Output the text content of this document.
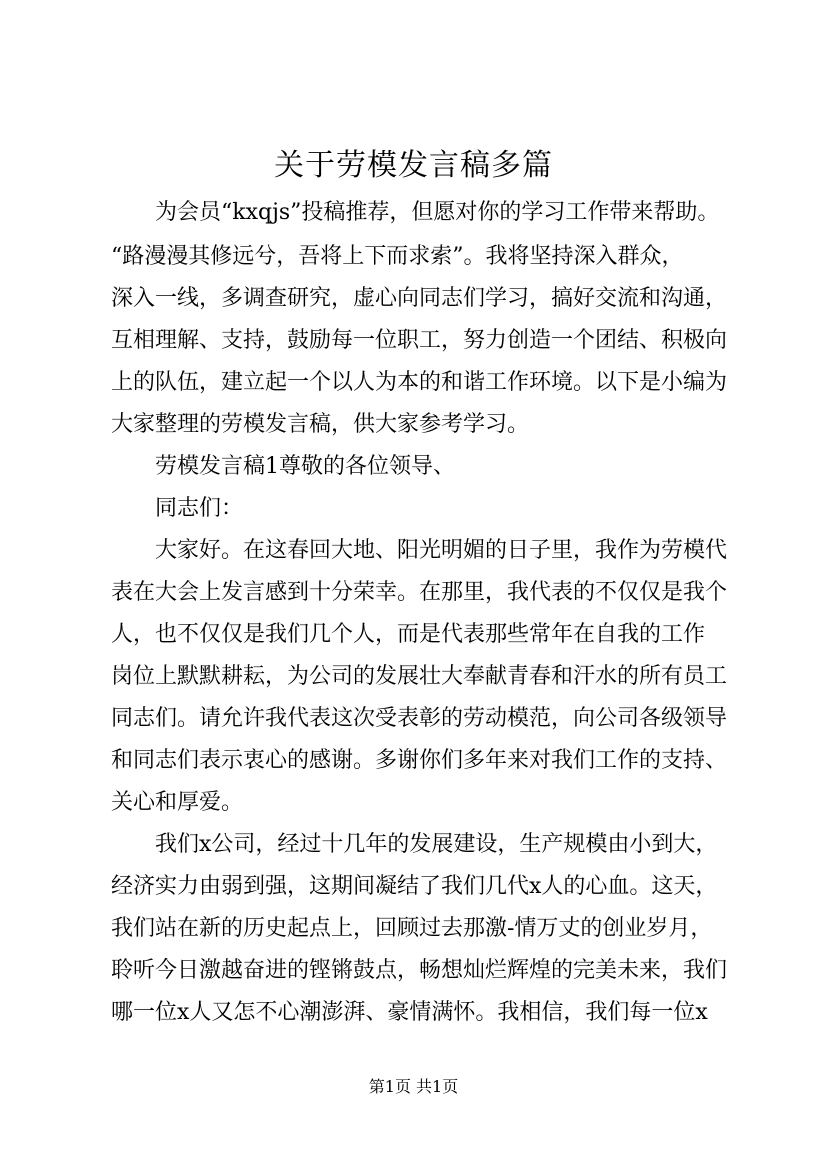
关于劳模发言稿多篇
为会员“kxqjs”投稿推荐，但愿对你的学习工作带来帮助。
“路漫漫其修远兮，吾将上下而求索”。我将坚持深入群众，
深入一线，多调查研究，虚心向同志们学习，搞好交流和沟通，
互相理解、支持，鼓励每一位职工，努力创造一个团结、积极向
上的队伍，建立起一个以人为本的和谐工作环境。以下是小编为
大家整理的劳模发言稿，供大家参考学习。
劳模发言稿1尊敬的各位领导、
同志们：
大家好。在这春回大地、阳光明媚的日子里，我作为劳模代
表在大会上发言感到十分荣幸。在那里，我代表的不仅仅是我个
人，也不仅仅是我们几个人，而是代表那些常年在自我的工作
岗位上默默耕耘，为公司的发展壮大奉献青春和汗水的所有员工
同志们。请允许我代表这次受表彰的劳动模范，向公司各级领导
和同志们表示衷心的感谢。多谢你们多年来对我们工作的支持、
关心和厚爱。
我们x公司，经过十几年的发展建设，生产规模由小到大，
经济实力由弱到强，这期间凝结了我们几代x人的心血。这天，
我们站在新的历史起点上，回顾过去那激-情万丈的创业岁月，
聆听今日激越奋进的铿锵鼓点，畅想灿烂辉煌的完美未来，我们
哪一位x人又怎不心潮澎湃、豪情满怀。我相信，我们每一位x
第1页 共1页
